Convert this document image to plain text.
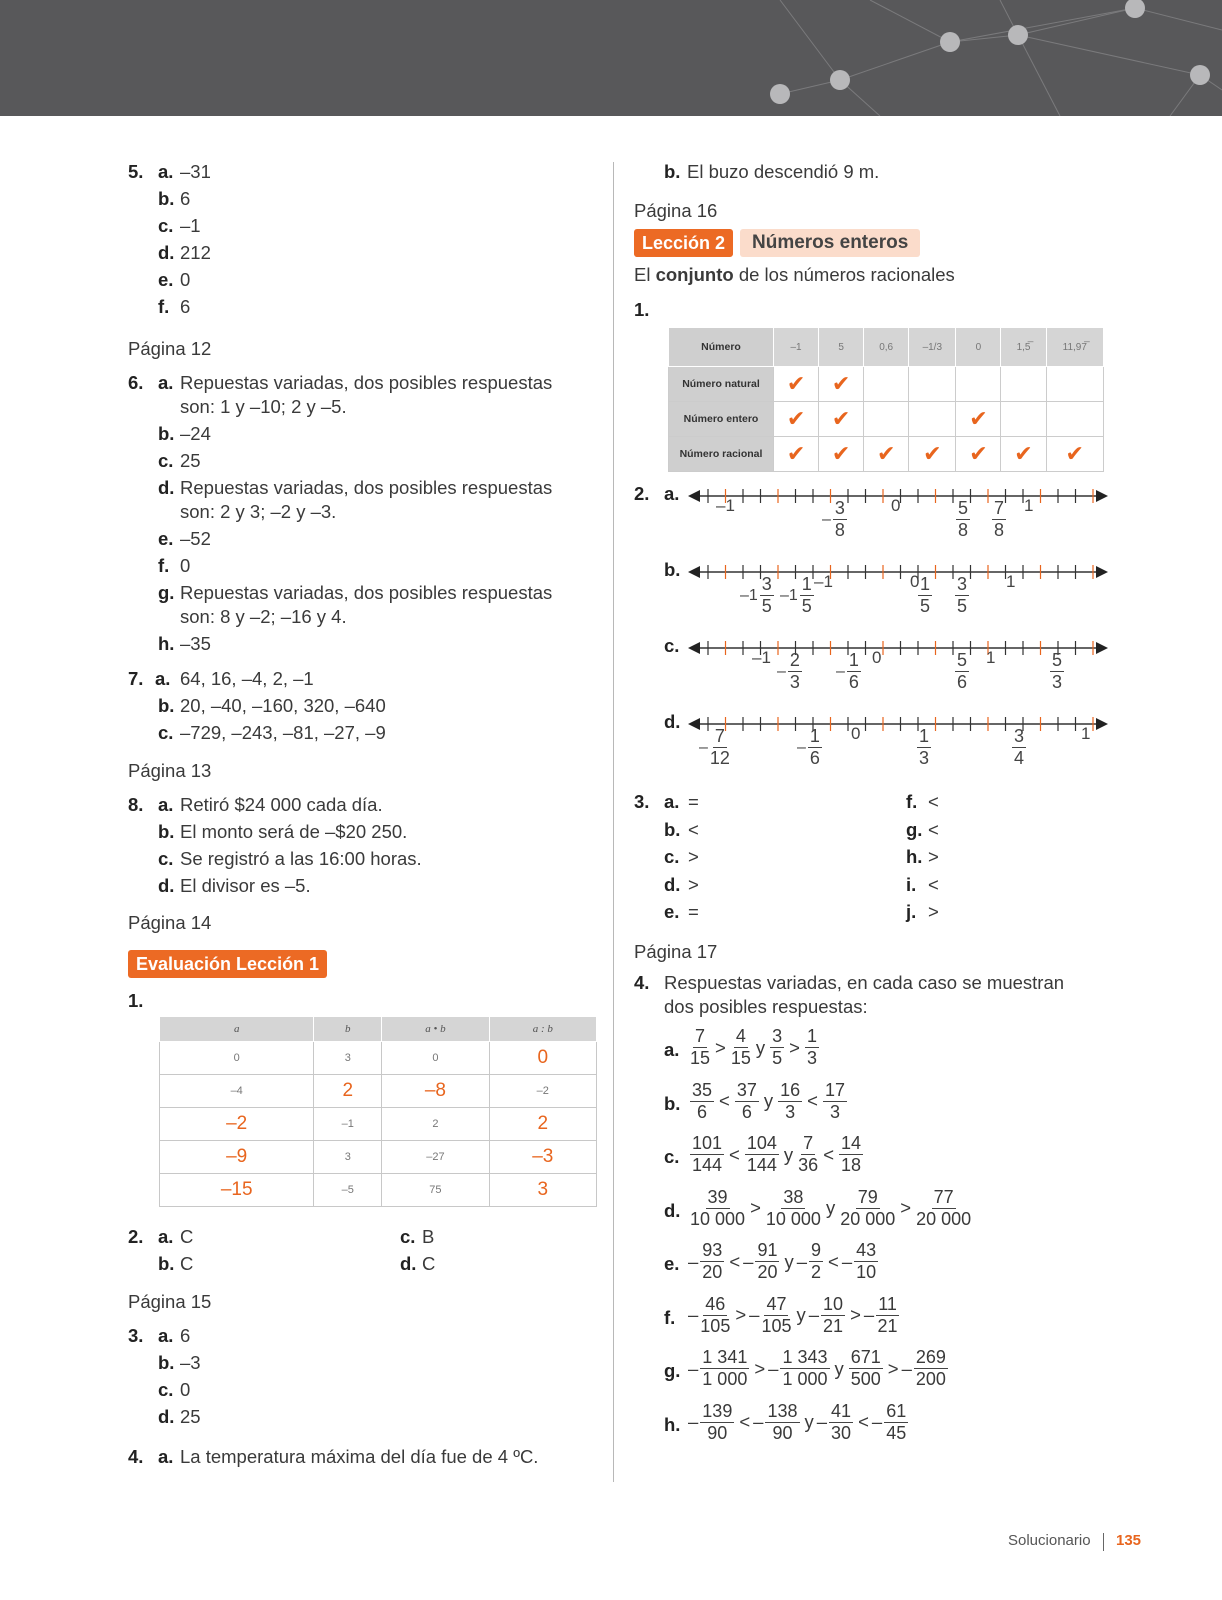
5. a. –31
b. 6
c. –1
d. 212
e. 0
f. 6
Página 12
6. a. Repuestas variadas, dos posibles respuestas
son: 1 y –10; 2 y –5.
b. –24
c. 25
d. Repuestas variadas, dos posibles respuestas
son: 2 y 3; –2 y –3.
e. –52
f. 0
g. Repuestas variadas, dos posibles respuestas
son: 8 y –2; –16 y 4.
h. –35
7. a. 64, 16, –4, 2, –1
b. 20, –40, –160, 320, –640
c. –729, –243, –81, –27, –9
Página 13
8. a. Retiró $24 000 cada día.
b. El monto será de –$20 250.
c. Se registró a las 16:00 horas.
d. El divisor es –5.
Página 14
Evaluación Lección 1
1.
a	b	a • b	a : b
0	3	0	0
–4	2	–8	–2
–2	–1	2	2
–9	3	–27	–3
–15	–5	75	3
2. a. C
b. C
c. B
d. C
Página 15
3. a. 6
b. –3
c. 0
d. 25
4. a. La temperatura máxima del día fue de 4 ºC.
b. El buzo descendió 9 m.
Página 16
Lección 2	Números enteros
El conjunto de los números racionales
1.
Número	–1	5	0,6	–1/3	0	1,5̅	11,97̅
Número natural	✔	✔					
Número entero	✔	✔			✔		
Número racional	✔	✔	✔	✔	✔	✔	✔
2. a.
–1
– $\frac{3}{8}$	0	$\frac{5}{8} \frac{7}{8} 1$
b.
$-1 \frac{3}{5} -1 \frac{1}{5} -1$	0
$\frac{1}{5} \frac{3}{5} 1$
c.
–1
– $\frac{2}{3} - \frac{1}{6} 0$	$\frac{5}{6} 1$	$\frac{5}{3}$
d.
– $\frac{7}{12}$	– $\frac{1}{6} 0$	$\frac{1}{3}$	$\frac{3}{4}$	1
3. a. =
b. <
c. >
d. >
e. =
f. <
g. <
h. >
i. <
j. >
Página 17
4. Respuestas variadas, en cada caso se muestran
dos posibles respuestas:
a. $\frac{7}{15} > \frac{4}{15}$ y $\frac{3}{5} > \frac{1}{3}$
b. $\frac{35}{6} < \frac{37}{6}$ y $\frac{16}{3} < \frac{17}{3}$
c. $\frac{101}{144} < \frac{104}{144}$ y $\frac{7}{36} < \frac{14}{18}$
d. $\frac{39}{10 000} > \frac{38}{10 000}$ y $\frac{79}{20 000} > \frac{77}{20 000}$
e. – $\frac{93}{20}$ < – $\frac{91}{20}$ y – $\frac{9}{2}$ < – $\frac{43}{10}$
f. – $\frac{46}{105}$ > – $\frac{47}{105}$ y – $\frac{10}{21}$ > – $\frac{11}{21}$
g. – $\frac{1 341}{1 000}$ > – $\frac{1 343}{1 000}$ y $\frac{671}{500}$ > – $\frac{269}{200}$
h. – $\frac{139}{90}$ < – $\frac{138}{90}$ y – $\frac{41}{30}$ < – $\frac{61}{45}$
Solucionario 135
